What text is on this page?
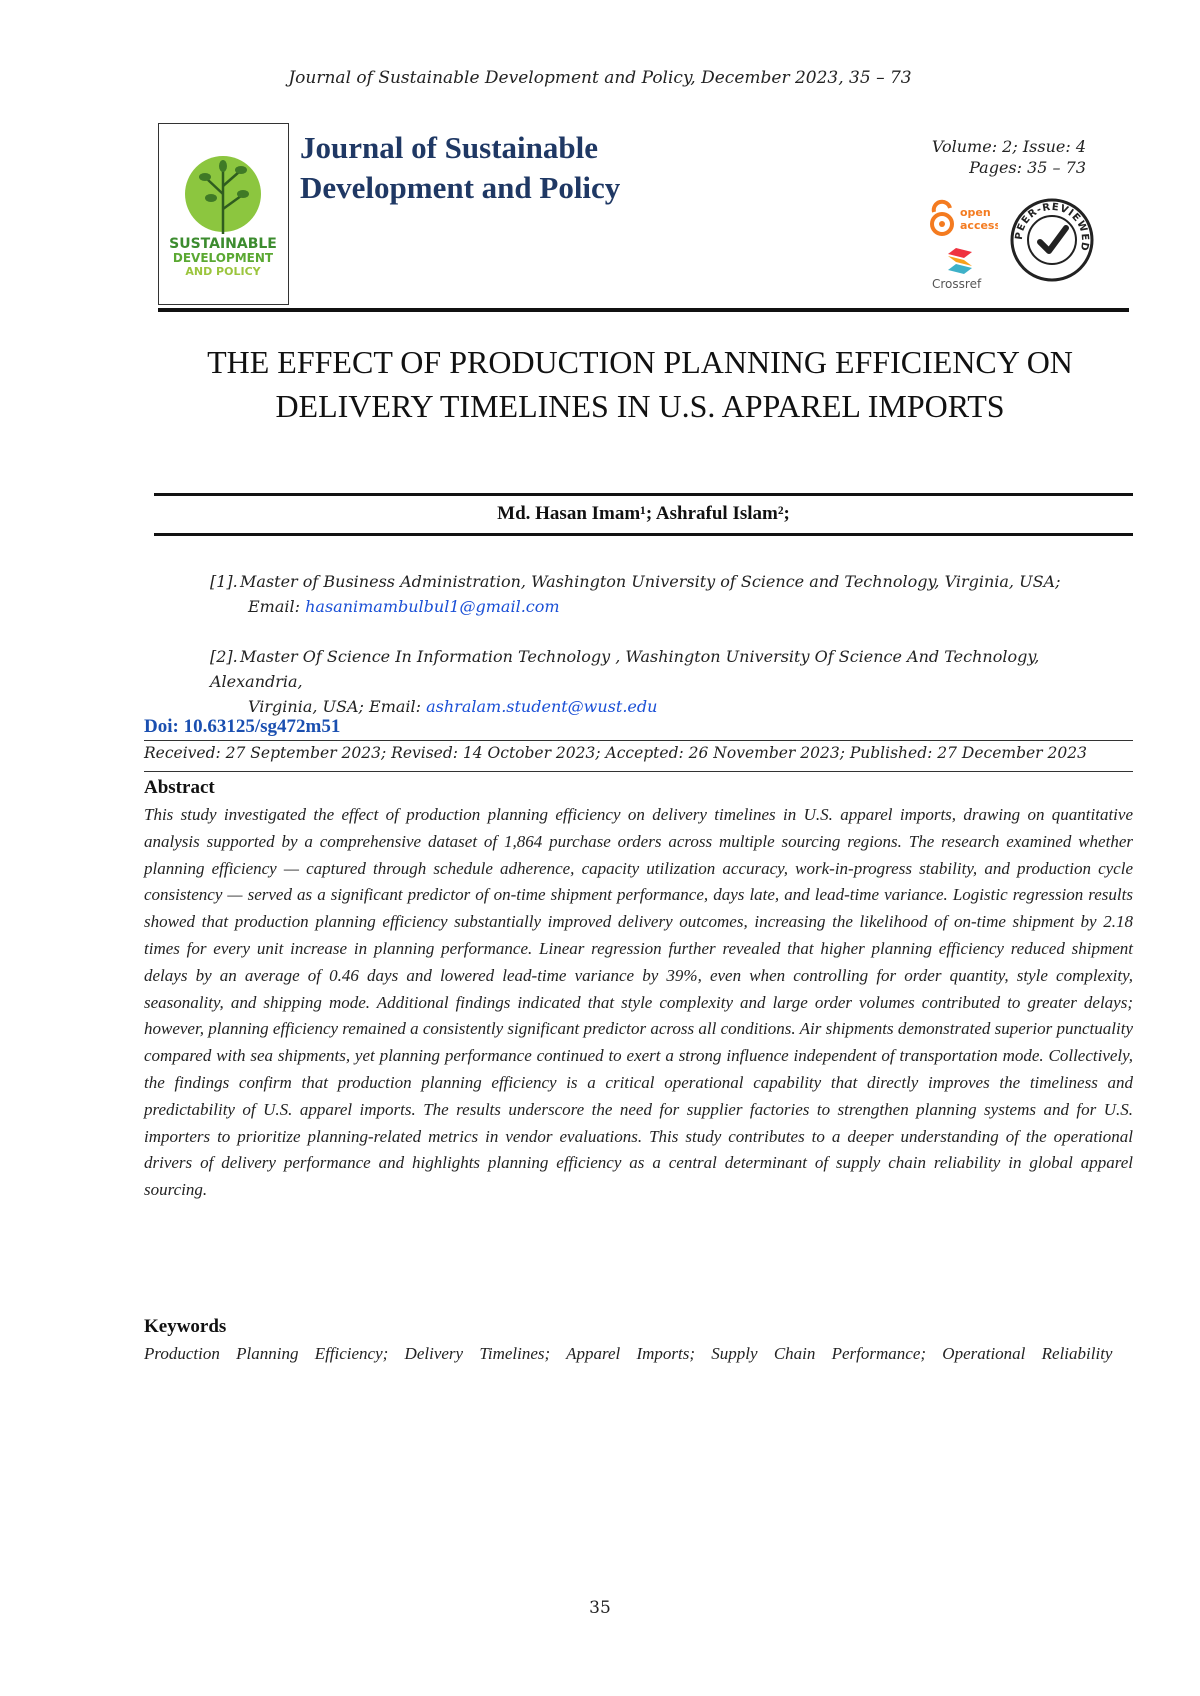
Journal of Sustainable Development and Policy, December 2023, 35 – 73
SUSTAINABLE
DEVELOPMENT
AND POLICY
Journal of Sustainable Development and Policy
Volume: 2; Issue: 4
Pages: 35 – 73
open
access
Crossref
PEER-REVIEWED
THE EFFECT OF PRODUCTION PLANNING EFFICIENCY ON DELIVERY TIMELINES IN U.S. APPAREL IMPORTS
Md. Hasan Imam¹; Ashraful Islam²;
[1]. Master of Business Administration, Washington University of Science and Technology, Virginia, USA;
Email: hasanimambulbul1@gmail.com
[2]. Master Of Science In Information Technology , Washington University Of Science And Technology, Alexandria,
Virginia, USA; Email: ashralam.student@wust.edu
Doi: 10.63125/sg472m51
Received: 27 September 2023; Revised: 14 October 2023; Accepted: 26 November 2023; Published: 27 December 2023
Abstract
This study investigated the effect of production planning efficiency on delivery timelines in U.S. apparel imports, drawing on quantitative analysis supported by a comprehensive dataset of 1,864 purchase orders across multiple sourcing regions. The research examined whether planning efficiency — captured through schedule adherence, capacity utilization accuracy, work-in-progress stability, and production cycle consistency — served as a significant predictor of on-time shipment performance, days late, and lead-time variance. Logistic regression results showed that production planning efficiency substantially improved delivery outcomes, increasing the likelihood of on-time shipment by 2.18 times for every unit increase in planning performance. Linear regression further revealed that higher planning efficiency reduced shipment delays by an average of 0.46 days and lowered lead-time variance by 39%, even when controlling for order quantity, style complexity, seasonality, and shipping mode. Additional findings indicated that style complexity and large order volumes contributed to greater delays; however, planning efficiency remained a consistently significant predictor across all conditions. Air shipments demonstrated superior punctuality compared with sea shipments, yet planning performance continued to exert a strong influence independent of transportation mode. Collectively, the findings confirm that production planning efficiency is a critical operational capability that directly improves the timeliness and predictability of U.S. apparel imports. The results underscore the need for supplier factories to strengthen planning systems and for U.S. importers to prioritize planning-related metrics in vendor evaluations. This study contributes to a deeper understanding of the operational drivers of delivery performance and highlights planning efficiency as a central determinant of supply chain reliability in global apparel sourcing.
Keywords
Production Planning Efficiency; Delivery Timelines; Apparel Imports; Supply Chain Performance; Operational Reliability
35
